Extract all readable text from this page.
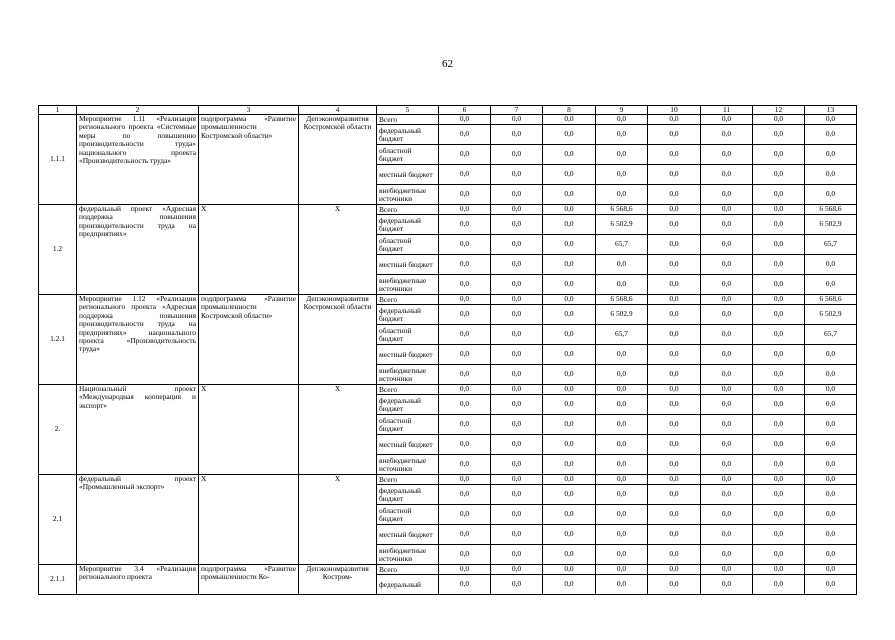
62
1	2	3	4	5	6	7	8	9	10	11	12	13
1.1.1	Мероприятие 1.11 «Реализация регионального проекта «Системные меры по повышению производительности труда» национального проекта «Производительность труда»	подпрограмма «Развитие промышленности Костромской области»	Депэкономразвития Костромской области	Всего	0,0	0,0	0,0	0,0	0,0	0,0	0,0	0,0
				федеральный бюджет	0,0	0,0	0,0	0,0	0,0	0,0	0,0	0,0
				областной бюджет	0,0	0,0	0,0	0,0	0,0	0,0	0,0	0,0
				местный бюджет	0,0	0,0	0,0	0,0	0,0	0,0	0,0	0,0
				внебюджетные источники	0,0	0,0	0,0	0,0	0,0	0,0	0,0	0,0
1.2	федеральный проект «Адресная поддержка повышения производительности труда на предприятиях»	X	X	Всего	0,0	0,0	0,0	6 568,6	0,0	0,0	0,0	6 568,6
				федеральный бюджет	0,0	0,0	0,0	6 502,9	0,0	0,0	0,0	6 502,9
				областной бюджет	0,0	0,0	0,0	65,7	0,0	0,0	0,0	65,7
				местный бюджет	0,0	0,0	0,0	0,0	0,0	0,0	0,0	0,0
				внебюджетные источники	0,0	0,0	0,0	0,0	0,0	0,0	0,0	0,0
1.2.1	Мероприятие 1.12 «Реализация регионального проекта «Адресная поддержка повышения производительности труда на предприятиях» национального проекта «Производительность труда»	подпрограмма «Развитие промышленности Костромской области»	Депэкономразвития Костромской области	Всего	0,0	0,0	0,0	6 568,6	0,0	0,0	0,0	6 568,6
				федеральный бюджет	0,0	0,0	0,0	6 502,9	0,0	0,0	0,0	6 502,9
				областной бюджет	0,0	0,0	0,0	65,7	0,0	0,0	0,0	65,7
				местный бюджет	0,0	0,0	0,0	0,0	0,0	0,0	0,0	0,0
				внебюджетные источники	0,0	0,0	0,0	0,0	0,0	0,0	0,0	0,0
2.	Национальный проект «Международная кооперация и экспорт»	X	X	Всего	0,0	0,0	0,0	0,0	0,0	0,0	0,0	0,0
				федеральный бюджет	0,0	0,0	0,0	0,0	0,0	0,0	0,0	0,0
				областной бюджет	0,0	0,0	0,0	0,0	0,0	0,0	0,0	0,0
				местный бюджет	0,0	0,0	0,0	0,0	0,0	0,0	0,0	0,0
				внебюджетные источники	0,0	0,0	0,0	0,0	0,0	0,0	0,0	0,0
2.1	федеральный проект «Промышленный экспорт»	X	X	Всего	0,0	0,0	0,0	0,0	0,0	0,0	0,0	0,0
				федеральный бюджет	0,0	0,0	0,0	0,0	0,0	0,0	0,0	0,0
				областной бюджет	0,0	0,0	0,0	0,0	0,0	0,0	0,0	0,0
				местный бюджет	0,0	0,0	0,0	0,0	0,0	0,0	0,0	0,0
				внебюджетные источники	0,0	0,0	0,0	0,0	0,0	0,0	0,0	0,0
2.1.1	Мероприятие 3.4 «Реализация регионального проекта	подпрограмма «Развитие промышленности Ко-	Депэкономразвития Костром-	Всего	0,0	0,0	0,0	0,0	0,0	0,0	0,0	0,0
				федеральный	0,0	0,0	0,0	0,0	0,0	0,0	0,0	0,0
